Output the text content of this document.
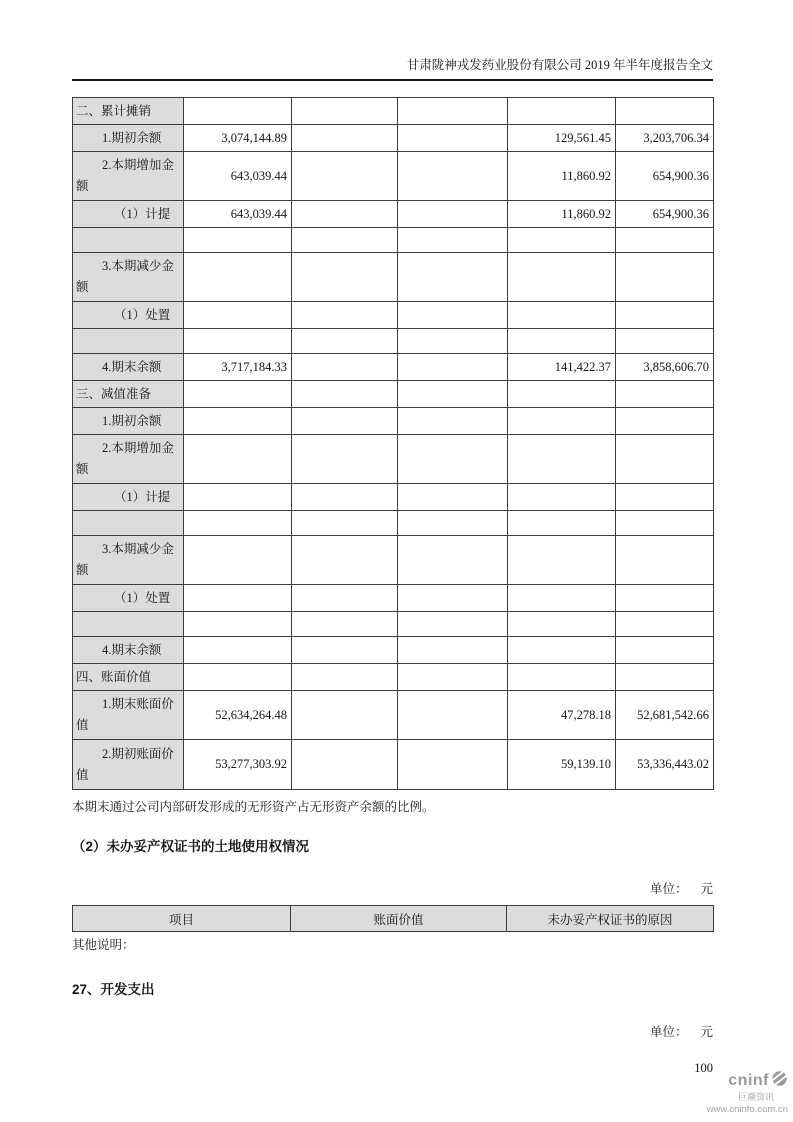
甘肃陇神戎发药业股份有限公司 2019 年半年度报告全文
二、累计摊销					
1.期初余额	3,074,144.89			129,561.45	3,203,706.34
2.本期增加金额	643,039.44			11,860.92	654,900.36
（1）计提	643,039.44			11,860.92	654,900.36

3.本期减少金额					
（1）处置					

4.期末余额	3,717,184.33			141,422.37	3,858,606.70
三、减值准备					
1.期初余额					
2.本期增加金额					
（1）计提					

3.本期减少金额					
（1）处置					

4.期末余额					
四、账面价值					
1.期末账面价值	52,634,264.48			47,278.18	52,681,542.66
2.期初账面价值	53,277,303.92			59,139.10	53,336,443.02
本期末通过公司内部研发形成的无形资产占无形资产余额的比例。
（2）未办妥产权证书的土地使用权情况
单位： 元
项目	账面价值	未办妥产权证书的原因
其他说明：
27、开发支出
单位： 元
100
cninf
巨潮资讯
www.cninfo.com.cn
